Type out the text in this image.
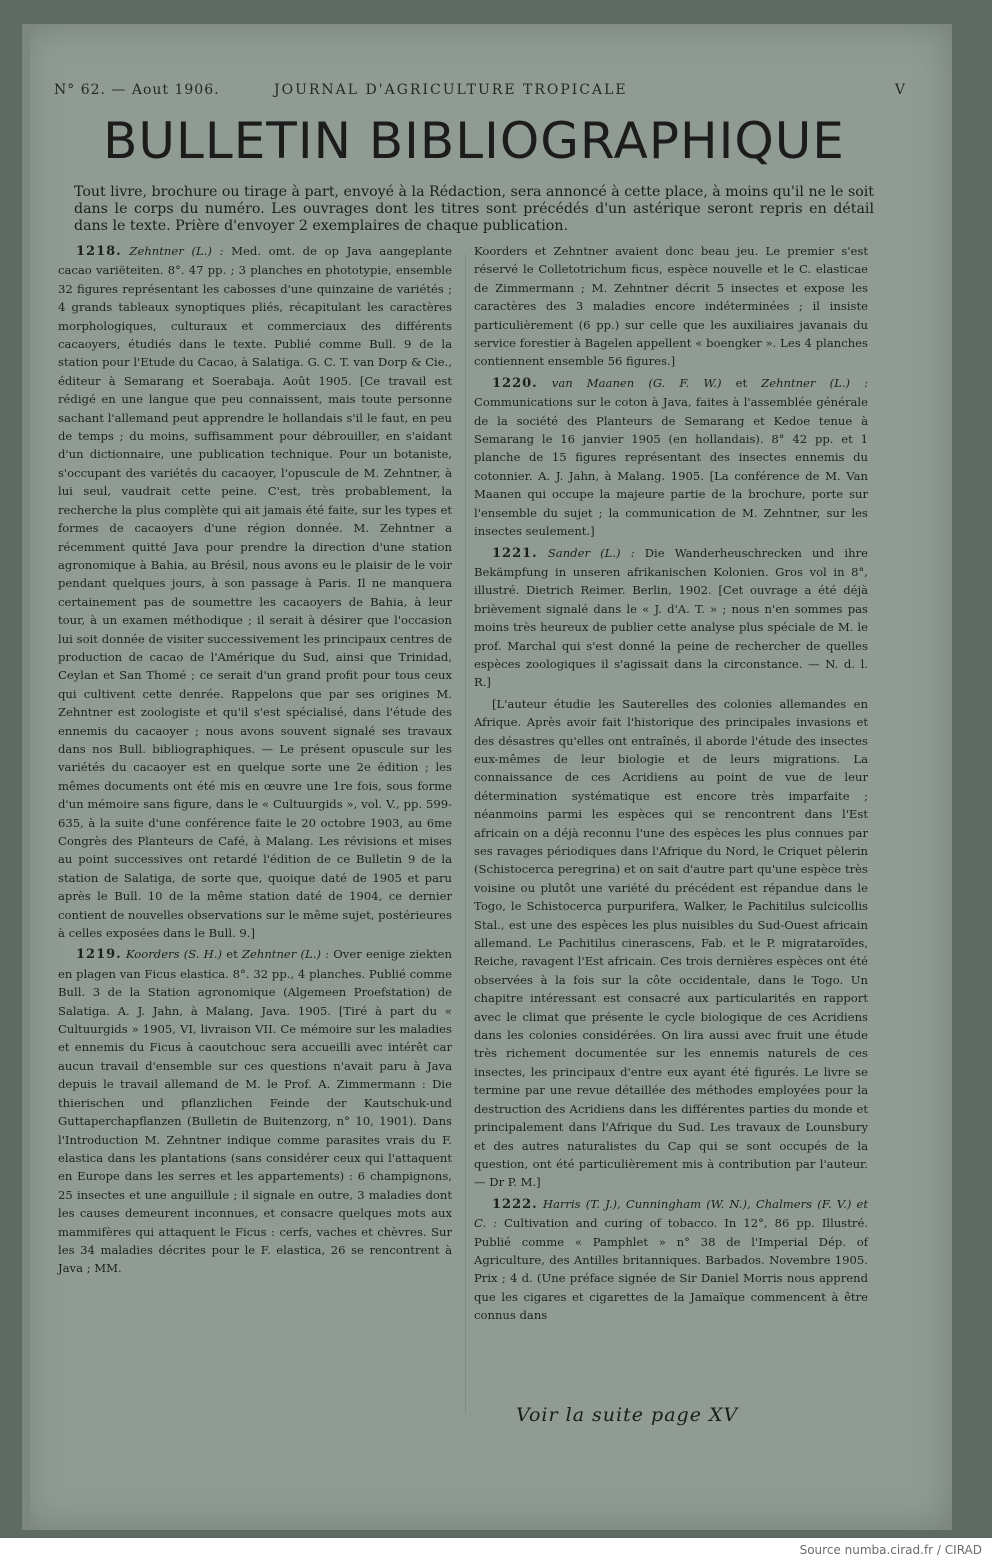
N° 62. — Aout 1906.	JOURNAL D'AGRICULTURE TROPICALE	V
BULLETIN BIBLIOGRAPHIQUE
Tout livre, brochure ou tirage à part, envoyé à la Rédaction, sera annoncé à cette place, à moins qu'il ne le soit dans le corps du numéro. Les ouvrages dont les titres sont précédés d'un astérique seront repris en détail dans le texte. Prière d'envoyer 2 exemplaires de chaque publication.

1218. Zehntner (L.) : Med. omt. de op Java aangeplante cacao variëteiten. 8°. 47 pp. ; 3 planches en phototypie, ensemble 32 figures représentant les cabosses d'une quinzaine de variétés ; 4 grands tableaux synoptiques pliés, récapitulant les caractères morphologiques, culturaux et commerciaux des différents cacaoyers, étudiés dans le texte. Publié comme Bull. 9 de la station pour l'Etude du Cacao, à Salatiga. G. C. T. van Dorp & Cie., éditeur à Semarang et Soerabaja. Août 1905. [Ce travail est rédigé en une langue que peu connaissent, mais toute personne sachant l'allemand peut apprendre le hollandais s'il le faut, en peu de temps ; du moins, suffisamment pour débrouiller, en s'aidant d'un dictionnaire, une publication technique. Pour un botaniste, s'occupant des variétés du cacaoyer, l'opuscule de M. Zehntner, à lui seul, vaudrait cette peine. C'est, très probablement, la recherche la plus complète qui ait jamais été faite, sur les types et formes de cacaoyers d'une région donnée. M. Zehntner a récemment quitté Java pour prendre la direction d'une station agronomique à Bahia, au Brésil, nous avons eu le plaisir de le voir pendant quelques jours, à son passage à Paris. Il ne manquera certainement pas de soumettre les cacaoyers de Bahia, à leur tour, à un examen méthodique ; il serait à désirer que l'occasion lui soit donnée de visiter successivement les principaux centres de production de cacao de l'Amérique du Sud, ainsi que Trinidad, Ceylan et San Thomé ; ce serait d'un grand profit pour tous ceux qui cultivent cette denrée. Rappelons que par ses origines M. Zehntner est zoologiste et qu'il s'est spécialisé, dans l'étude des ennemis du cacaoyer ; nous avons souvent signalé ses travaux dans nos Bull. bibliographiques. — Le présent opuscule sur les variétés du cacaoyer est en quelque sorte une 2e édition ; les mêmes documents ont été mis en œuvre une 1re fois, sous forme d'un mémoire sans figure, dans le « Cultuurgids », vol. V., pp. 599-635, à la suite d'une conférence faite le 20 octobre 1903, au 6me Congrès des Planteurs de Café, à Malang. Les révisions et mises au point successives ont retardé l'édition de ce Bulletin 9 de la station de Salatiga, de sorte que, quoique daté de 1905 et paru après le Bull. 10 de la même station daté de 1904, ce dernier contient de nouvelles observations sur le même sujet, postérieures à celles exposées dans le Bull. 9.]

1219. Koorders (S. H.) et Zehntner (L.) : Over eenige ziekten en plagen van Ficus elastica. 8°. 32 pp., 4 planches. Publié comme Bull. 3 de la Station agronomique (Algemeen Proefstation) de Salatiga. A. J. Jahn, à Malang, Java. 1905. [Tiré à part du « Cultuurgids » 1905, VI, livraison VII. Ce mémoire sur les maladies et ennemis du Ficus à caoutchouc sera accueilli avec intérêt car aucun travail d'ensemble sur ces questions n'avait paru à Java depuis le travail allemand de M. le Prof. A. Zimmermann : Die thierischen und pflanzlichen Feinde der Kautschuk-und Guttaperchapflanzen (Bulletin de Buitenzorg, n° 10, 1901). Dans l'Introduction M. Zehntner indique comme parasites vrais du F. elastica dans les plantations (sans considérer ceux qui l'attaquent en Europe dans les serres et les appartements) : 6 champignons, 25 insectes et une anguillule ; il signale en outre, 3 maladies dont les causes demeurent inconnues, et consacre quelques mots aux mammifères qui attaquent le Ficus : cerfs, vaches et chèvres. Sur les 34 maladies décrites pour le F. elastica, 26 se rencontrent à Java ; MM.

Koorders et Zehntner avaient donc beau jeu. Le premier s'est réservé le Colletotrichum ficus, espèce nouvelle et le C. elasticae de Zimmermann ; M. Zehntner décrit 5 insectes et expose les caractères des 3 maladies encore indéterminées ; il insiste particulièrement (6 pp.) sur celle que les auxiliaires javanais du service forestier à Bagelen appellent « boengker ». Les 4 planches contiennent ensemble 56 figures.]

1220. van Maanen (G. F. W.) et Zehntner (L.) : Communications sur le coton à Java, faites à l'assemblée générale de la société des Planteurs de Semarang et Kedoe tenue à Semarang le 16 janvier 1905 (en hollandais). 8° 42 pp. et 1 planche de 15 figures représentant des insectes ennemis du cotonnier. A. J. Jahn, à Malang. 1905. [La conférence de M. Van Maanen qui occupe la majeure partie de la brochure, porte sur l'ensemble du sujet ; la communication de M. Zehntner, sur les insectes seulement.]

1221. Sander (L.) : Die Wanderheuschrecken und ihre Bekämpfung in unseren afrikanischen Kolonien. Gros vol in 8°, illustré. Dietrich Reimer. Berlin, 1902. [Cet ouvrage a été déjà brièvement signalé dans le « J. d'A. T. » ; nous n'en sommes pas moins très heureux de publier cette analyse plus spéciale de M. le prof. Marchal qui s'est donné la peine de rechercher de quelles espèces zoologiques il s'agissait dans la circonstance. — N. d. l. R.]

[L'auteur étudie les Sauterelles des colonies allemandes en Afrique. Après avoir fait l'historique des principales invasions et des désastres qu'elles ont entraînés, il aborde l'étude des insectes eux-mêmes de leur biologie et de leurs migrations. La connaissance de ces Acridiens au point de vue de leur détermination systématique est encore très imparfaite ; néanmoins parmi les espèces qui se rencontrent dans l'Est africain on a déjà reconnu l'une des espèces les plus connues par ses ravages périodiques dans l'Afrique du Nord, le Criquet pèlerin (Schistocerca peregrina) et on sait d'autre part qu'une espèce très voisine ou plutôt une variété du précédent est répandue dans le Togo, le Schistocerca purpurifera, Walker, le Pachitilus sulcicollis Stal., est une des espèces les plus nuisibles du Sud-Ouest africain allemand. Le Pachitilus cinerascens, Fab. et le P. migrataroïdes, Reiche, ravagent l'Est africain. Ces trois dernières espèces ont été observées à la fois sur la côte occidentale, dans le Togo. Un chapitre intéressant est consacré aux particularités en rapport avec le climat que présente le cycle biologique de ces Acridiens dans les colonies considérées. On lira aussi avec fruit une étude très richement documentée sur les ennemis naturels de ces insectes, les principaux d'entre eux ayant été figurés. Le livre se termine par une revue détaillée des méthodes employées pour la destruction des Acridiens dans les différentes parties du monde et principalement dans l'Afrique du Sud. Les travaux de Lounsbury et des autres naturalistes du Cap qui se sont occupés de la question, ont été particulièrement mis à contribution par l'auteur. — Dr P. M.]

1222. Harris (T. J.), Cunningham (W. N.), Chalmers (F. V.) et C. : Cultivation and curing of tobacco. In 12°, 86 pp. Illustré. Publié comme « Pamphlet » n° 38 de l'Imperial Dép. of Agriculture, des Antilles britanniques. Barbados. Novembre 1905. Prix ; 4 d. (Une préface signée de Sir Daniel Morris nous apprend que les cigares et cigarettes de la Jamaïque commencent à être connus dans

Voir la suite page XV
Source numba.cirad.fr / CIRAD
